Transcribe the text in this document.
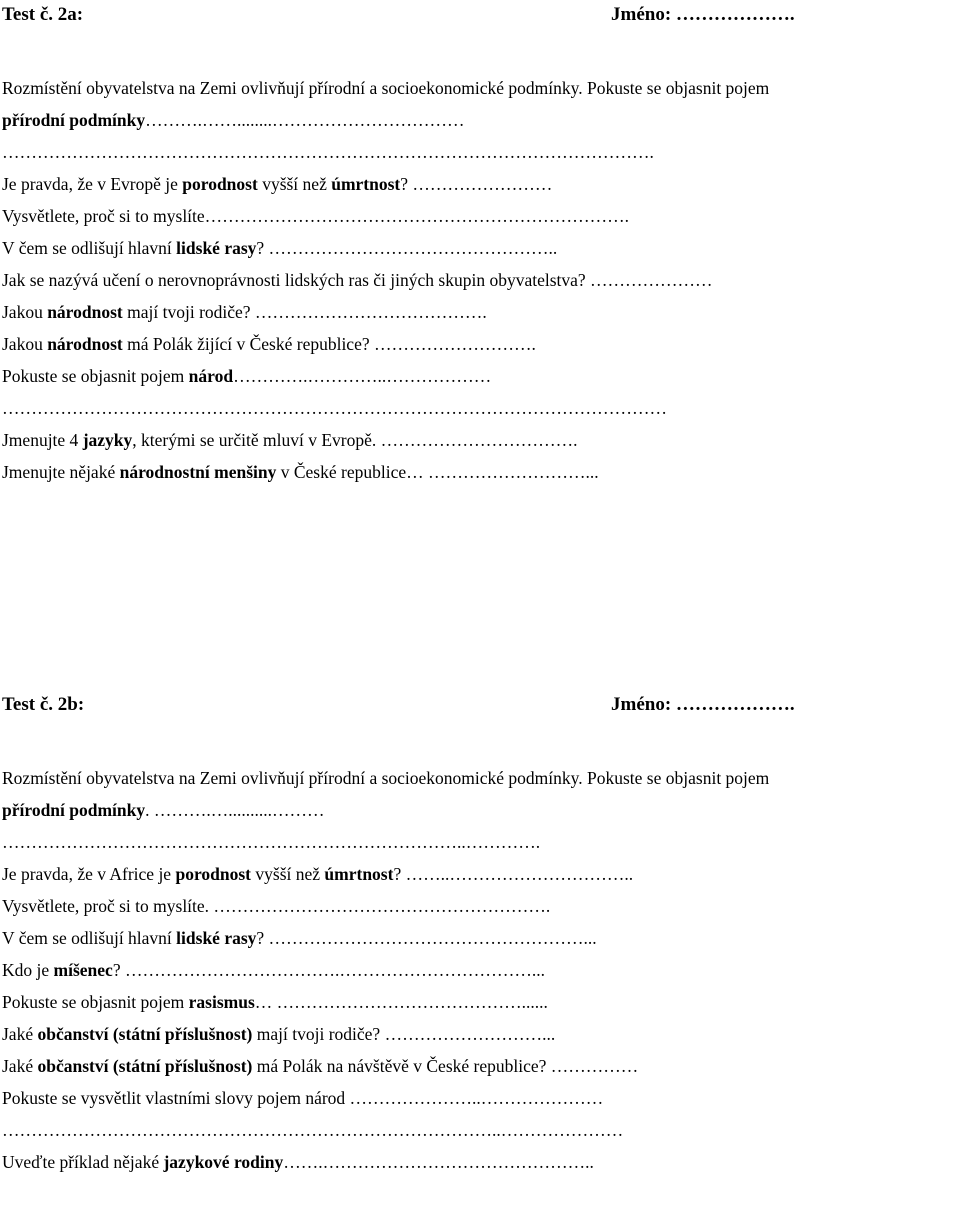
Test č. 2a:	Jméno: ……………….
Rozmístění obyvatelstva na Zemi ovlivňují přírodní a socioekonomické podmínky. Pokuste se objasnit pojem
přírodní podmínky……….……........……………………………
………………………………………………………………………………………………….
Je pravda, že v Evropě je porodnost vyšší než úmrtnost? ……………………
Vysvětlete, proč si to myslíte……………………………………………………………….
V čem se odlišují hlavní lidské rasy? …………………………………………..
Jak se nazývá učení o nerovnoprávnosti lidských ras či jiných skupin obyvatelstva? …………………
Jakou národnost mají tvoji rodiče? ………………………………….
Jakou národnost má Polák žijící v České republice? ……………………….
Pokuste se objasnit pojem národ………….…………..………………
……………………………………………………………………………………………………
Jmenujte 4 jazyky, kterými se určitě mluví v Evropě. …………………………….
Jmenujte nějaké národnostní menšiny v České republice… ………………………...
Test č. 2b:	Jméno: ……………….
Rozmístění obyvatelstva na Zemi ovlivňují přírodní a socioekonomické podmínky. Pokuste se objasnit pojem
přírodní podmínky. ……….…..........………
……………………………………………………………………..………….
Je pravda, že v Africe je porodnost vyšší než úmrtnost? ……..…………………………..
Vysvětlete, proč si to myslíte. ………………………………………………….
V čem se odlišují hlavní lidské rasy? ………………………………………………...
Kdo je míšenec? ……………………………….……………………………...
Pokuste se objasnit pojem rasismus… ……………………………………......
Jaké občanství (státní příslušnost) mají tvoji rodiče? ………………………...
Jaké občanství (státní příslušnost) má Polák na návštěvě v České republice? ……………
Pokuste se vysvětlit vlastními slovy pojem národ …………………..…………………
…………………………………………………………………………..…………………
Uveďte příklad nějaké jazykové rodiny…….………………………………………..
